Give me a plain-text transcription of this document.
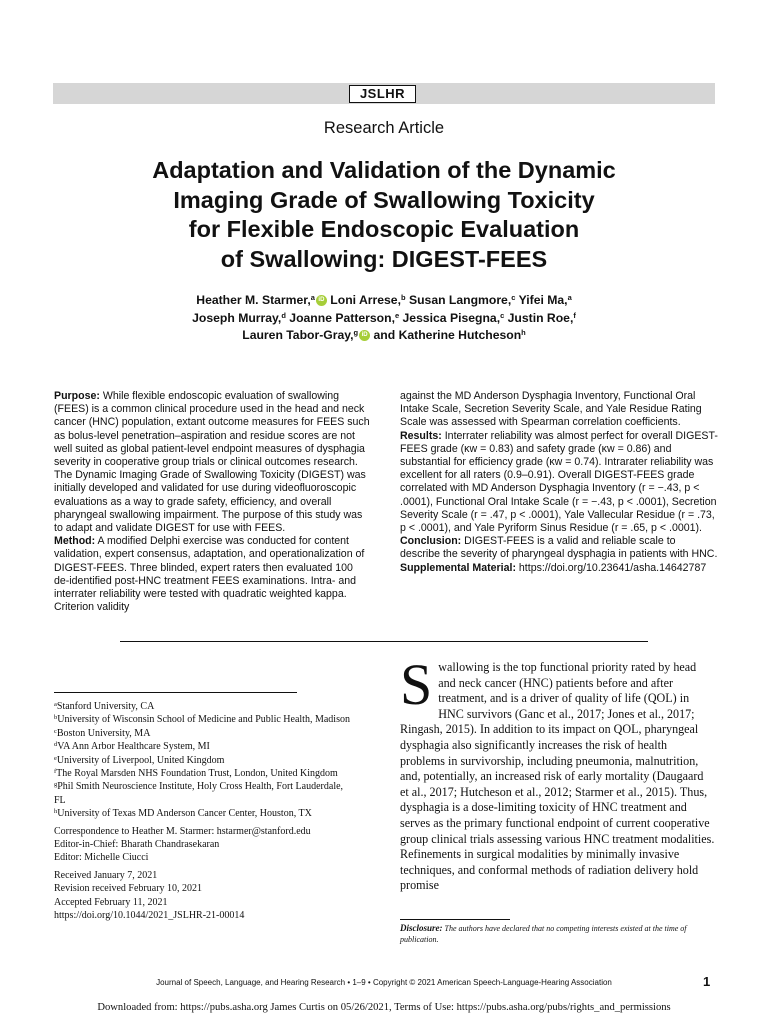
JSLHR
Research Article
Adaptation and Validation of the Dynamic
Imaging Grade of Swallowing Toxicity
for Flexible Endoscopic Evaluation
of Swallowing: DIGEST-FEES
Heather M. Starmer,$^a$ iD Loni Arrese,$^b$ Susan Langmore,$^c$ Yifei Ma,$^a$
Joseph Murray,$^d$ Joanne Patterson,$^e$ Jessica Pisegna,$^c$ Justin Roe,$^f$
Lauren Tabor-Gray,$^g$ iD and Katherine Hutcheson$^h$

Purpose: While flexible endoscopic evaluation of swallowing (FEES) is a common clinical procedure used in the head and neck cancer (HNC) population, extant outcome measures for FEES such as bolus-level penetration–aspiration and residue scores are not well suited as global patient-level endpoint measures of dysphagia severity in cooperative group trials or clinical outcomes research. The Dynamic Imaging Grade of Swallowing Toxicity (DIGEST) was initially developed and validated for use during videofluoroscopic evaluations as a way to grade safety, efficiency, and overall pharyngeal swallowing impairment. The purpose of this study was to adapt and validate DIGEST for use with FEES.

Method: A modified Delphi exercise was conducted for content validation, expert consensus, adaptation, and operationalization of DIGEST-FEES. Three blinded, expert raters then evaluated 100 de-identified post-HNC treatment FEES examinations. Intra- and interrater reliability were tested with quadratic weighted kappa. Criterion validity

against the MD Anderson Dysphagia Inventory, Functional Oral Intake Scale, Secretion Severity Scale, and Yale Residue Rating Scale was assessed with Spearman correlation coefficients.

Results: Interrater reliability was almost perfect for overall DIGEST-FEES grade (κw = 0.83) and safety grade (κw = 0.86) and substantial for efficiency grade (κw = 0.74). Intrarater reliability was excellent for all raters (0.9–0.91). Overall DIGEST-FEES grade correlated with MD Anderson Dysphagia Inventory (r = −.43, p < .0001), Functional Oral Intake Scale (r = −.43, p < .0001), Secretion Severity Scale (r = .47, p < .0001), Yale Vallecular Residue (r = .73, p < .0001), and Yale Pyriform Sinus Residue (r = .65, p < .0001).

Conclusion: DIGEST-FEES is a valid and reliable scale to describe the severity of pharyngeal dysphagia in patients with HNC.

Supplemental Material: https://doi.org/10.23641/asha.14642787

$^a$Stanford University, CA

$^b$University of Wisconsin School of Medicine and Public Health, Madison

$^c$Boston University, MA

$^d$VA Ann Arbor Healthcare System, MI

$^e$University of Liverpool, United Kingdom

$^f$The Royal Marsden NHS Foundation Trust, London, United Kingdom

$^g$Phil Smith Neuroscience Institute, Holy Cross Health, Fort Lauderdale, FL

$^h$University of Texas MD Anderson Cancer Center, Houston, TX

Correspondence to Heather M. Starmer: hstarmer@stanford.edu

Editor-in-Chief: Bharath Chandrasekaran

Editor: Michelle Ciucci

Received January 7, 2021

Revision received February 10, 2021

Accepted February 11, 2021

https://doi.org/10.1044/2021_JSLHR-21-00014

Swallowing is the top functional priority rated by head and neck cancer (HNC) patients before and after treatment, and is a driver of quality of life (QOL) in HNC survivors (Ganc et al., 2017; Jones et al., 2017; Ringash, 2015). In addition to its impact on QOL, pharyngeal dysphagia also significantly increases the risk of health problems in survivorship, including pneumonia, malnutrition, and, potentially, an increased risk of early mortality (Daugaard et al., 2017; Hutcheson et al., 2012; Starmer et al., 2015). Thus, dysphagia is a dose-limiting toxicity of HNC treatment and serves as the primary functional endpoint of current cooperative group clinical trials assessing various HNC treatment modalities. Refinements in surgical modalities by minimally invasive techniques, and conformal methods of radiation delivery hold promise

Disclosure: The authors have declared that no competing interests existed at the time of publication.
Journal of Speech, Language, and Hearing Research • 1–9 • Copyright © 2021 American Speech-Language-Hearing Association	1
Downloaded from: https://pubs.asha.org James Curtis on 05/26/2021, Terms of Use: https://pubs.asha.org/pubs/rights_and_permissions
